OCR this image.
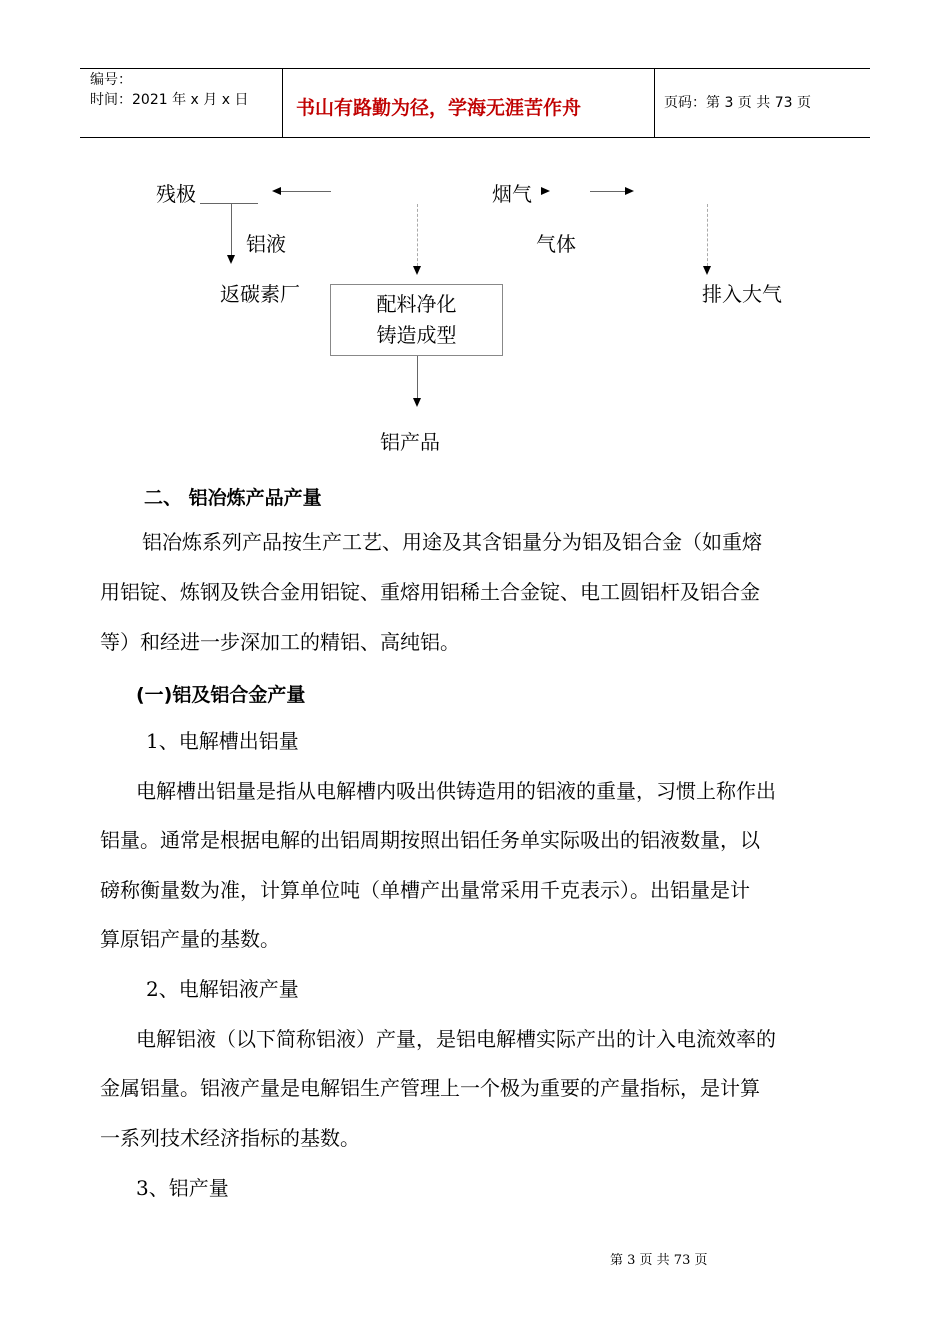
编号：
时间：2021 年 x 月 x 日	书山有路勤为径，学海无涯苦作舟	页码：第 3 页 共 73 页
残极	烟气
铝液	气体
返碳素厂	排入大气
配料净化
铸造成型
铝产品
二、 铝冶炼产品产量
铝冶炼系列产品按生产工艺、用途及其含铝量分为铝及铝合金（如重熔
用铝锭、炼钢及铁合金用铝锭、重熔用铝稀土合金锭、电工圆铝杆及铝合金
等）和经进一步深加工的精铝、高纯铝。
(一)铝及铝合金产量
1、电解槽出铝量
电解槽出铝量是指从电解槽内吸出供铸造用的铝液的重量，习惯上称作出
铝量。通常是根据电解的出铝周期按照出铝任务单实际吸出的铝液数量，以
磅称衡量数为准，计算单位吨（单槽产出量常采用千克表示）。出铝量是计
算原铝产量的基数。
2、电解铝液产量
电解铝液（以下简称铝液）产量，是铝电解槽实际产出的计入电流效率的
金属铝量。铝液产量是电解铝生产管理上一个极为重要的产量指标，是计算
一系列技术经济指标的基数。
3、铝产量
第 3 页 共 73 页
